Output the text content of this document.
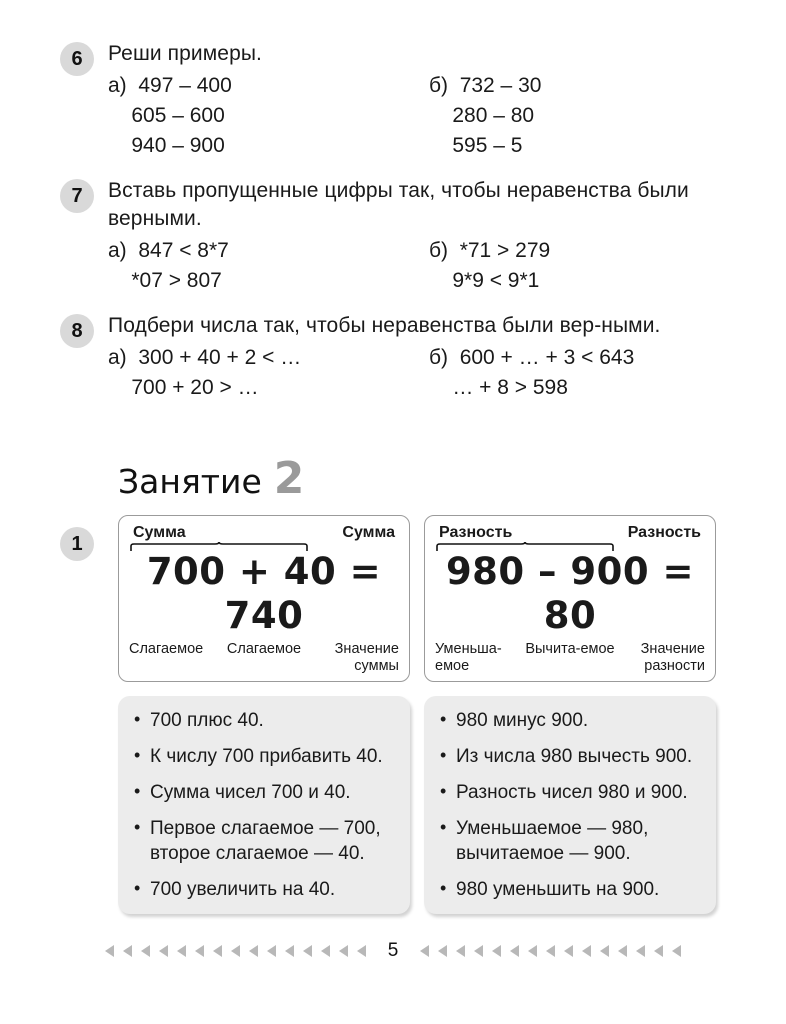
6	Реши примеры.
а)  497 – 400
605 – 600
940 – 900
б)  732 – 30
280 – 80
595 – 5
7	Вставь пропущенные цифры так, чтобы неравенства были верными.
а)  847 < 8*7
*07 > 807
б)  *71 > 279
9*9 < 9*1
8	Подбери числа так, чтобы неравенства были вер-ными.
а)  300 + 40 + 2 < …
700 + 20 > …
б)  600 + … + 3 < 643
… + 8 > 598
Занятие 2
1	Сумма	Сумма
700 + 40 = 740
Слагаемое	Слагаемое	Значение суммы
Разность	Разность
980 – 900 = 80
Уменьша-емое
Вычита-емое	Значение разности
• 700 плюс 40.
• К числу 700 прибавить 40.
• Сумма чисел 700 и 40.
• Первое слагаемое — 700, второе слагаемое — 40.
• 700 увеличить на 40.
• 980 минус 900.
• Из числа 980 вычесть 900.
• Разность чисел 980 и 900.
• Уменьшаемое — 980, вычитаемое — 900.
• 980 уменьшить на 900.
5
